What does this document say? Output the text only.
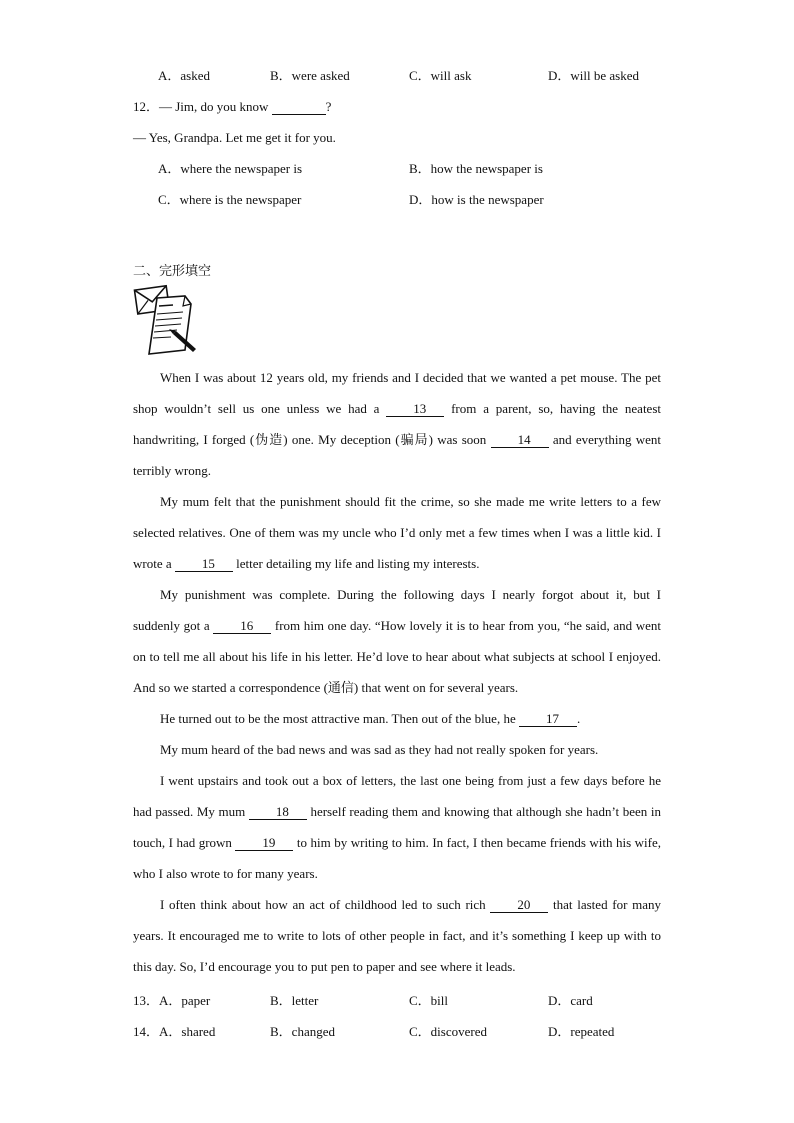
A．asked	B．were asked	C．will ask	D．will be asked
12．— Jim, do you know	?
— Yes, Grandpa. Let me get it for you.
A．where the newspaper is	B．how the newspaper is
C．where is the newspaper	D．how is the newspaper
二、完形填空

When I was about 12 years old, my friends and I decided that we wanted a pet mouse. The pet shop wouldn’t sell us one unless we had a 13 from a parent, so, having the neatest handwriting, I forged (伪造) one. My deception (骗局) was soon 14 and everything went terribly wrong.

My mum felt that the punishment should fit the crime, so she made me write letters to a few selected relatives. One of them was my uncle who I’d only met a few times when I was a little kid. I wrote a 15 letter detailing my life and listing my interests.

My punishment was complete. During the following days I nearly forgot about it, but I suddenly got a 16 from him one day. “How lovely it is to hear from you, “he said, and went on to tell me all about his life in his letter. He’d love to hear about what subjects at school I enjoyed. And so we started a correspondence (通信) that went on for several years.

He turned out to be the most attractive man. Then out of the blue, he 17 .

My mum heard of the bad news and was sad as they had not really spoken for years.

I went upstairs and took out a box of letters, the last one being from just a few days before he had passed. My mum 18 herself reading them and knowing that although she hadn’t been in touch, I had grown 19 to him by writing to him. In fact, I then became friends with his wife, who I also wrote to for many years.

I often think about how an act of childhood led to such rich 20 that lasted for many years. It encouraged me to write to lots of other people in fact, and it’s something I keep up with to this day. So, I’d encourage you to put pen to paper and see where it leads.

13．A．paper	B．letter	C．bill	D．card
14．A．shared	B．changed	C．discovered	D．repeated
